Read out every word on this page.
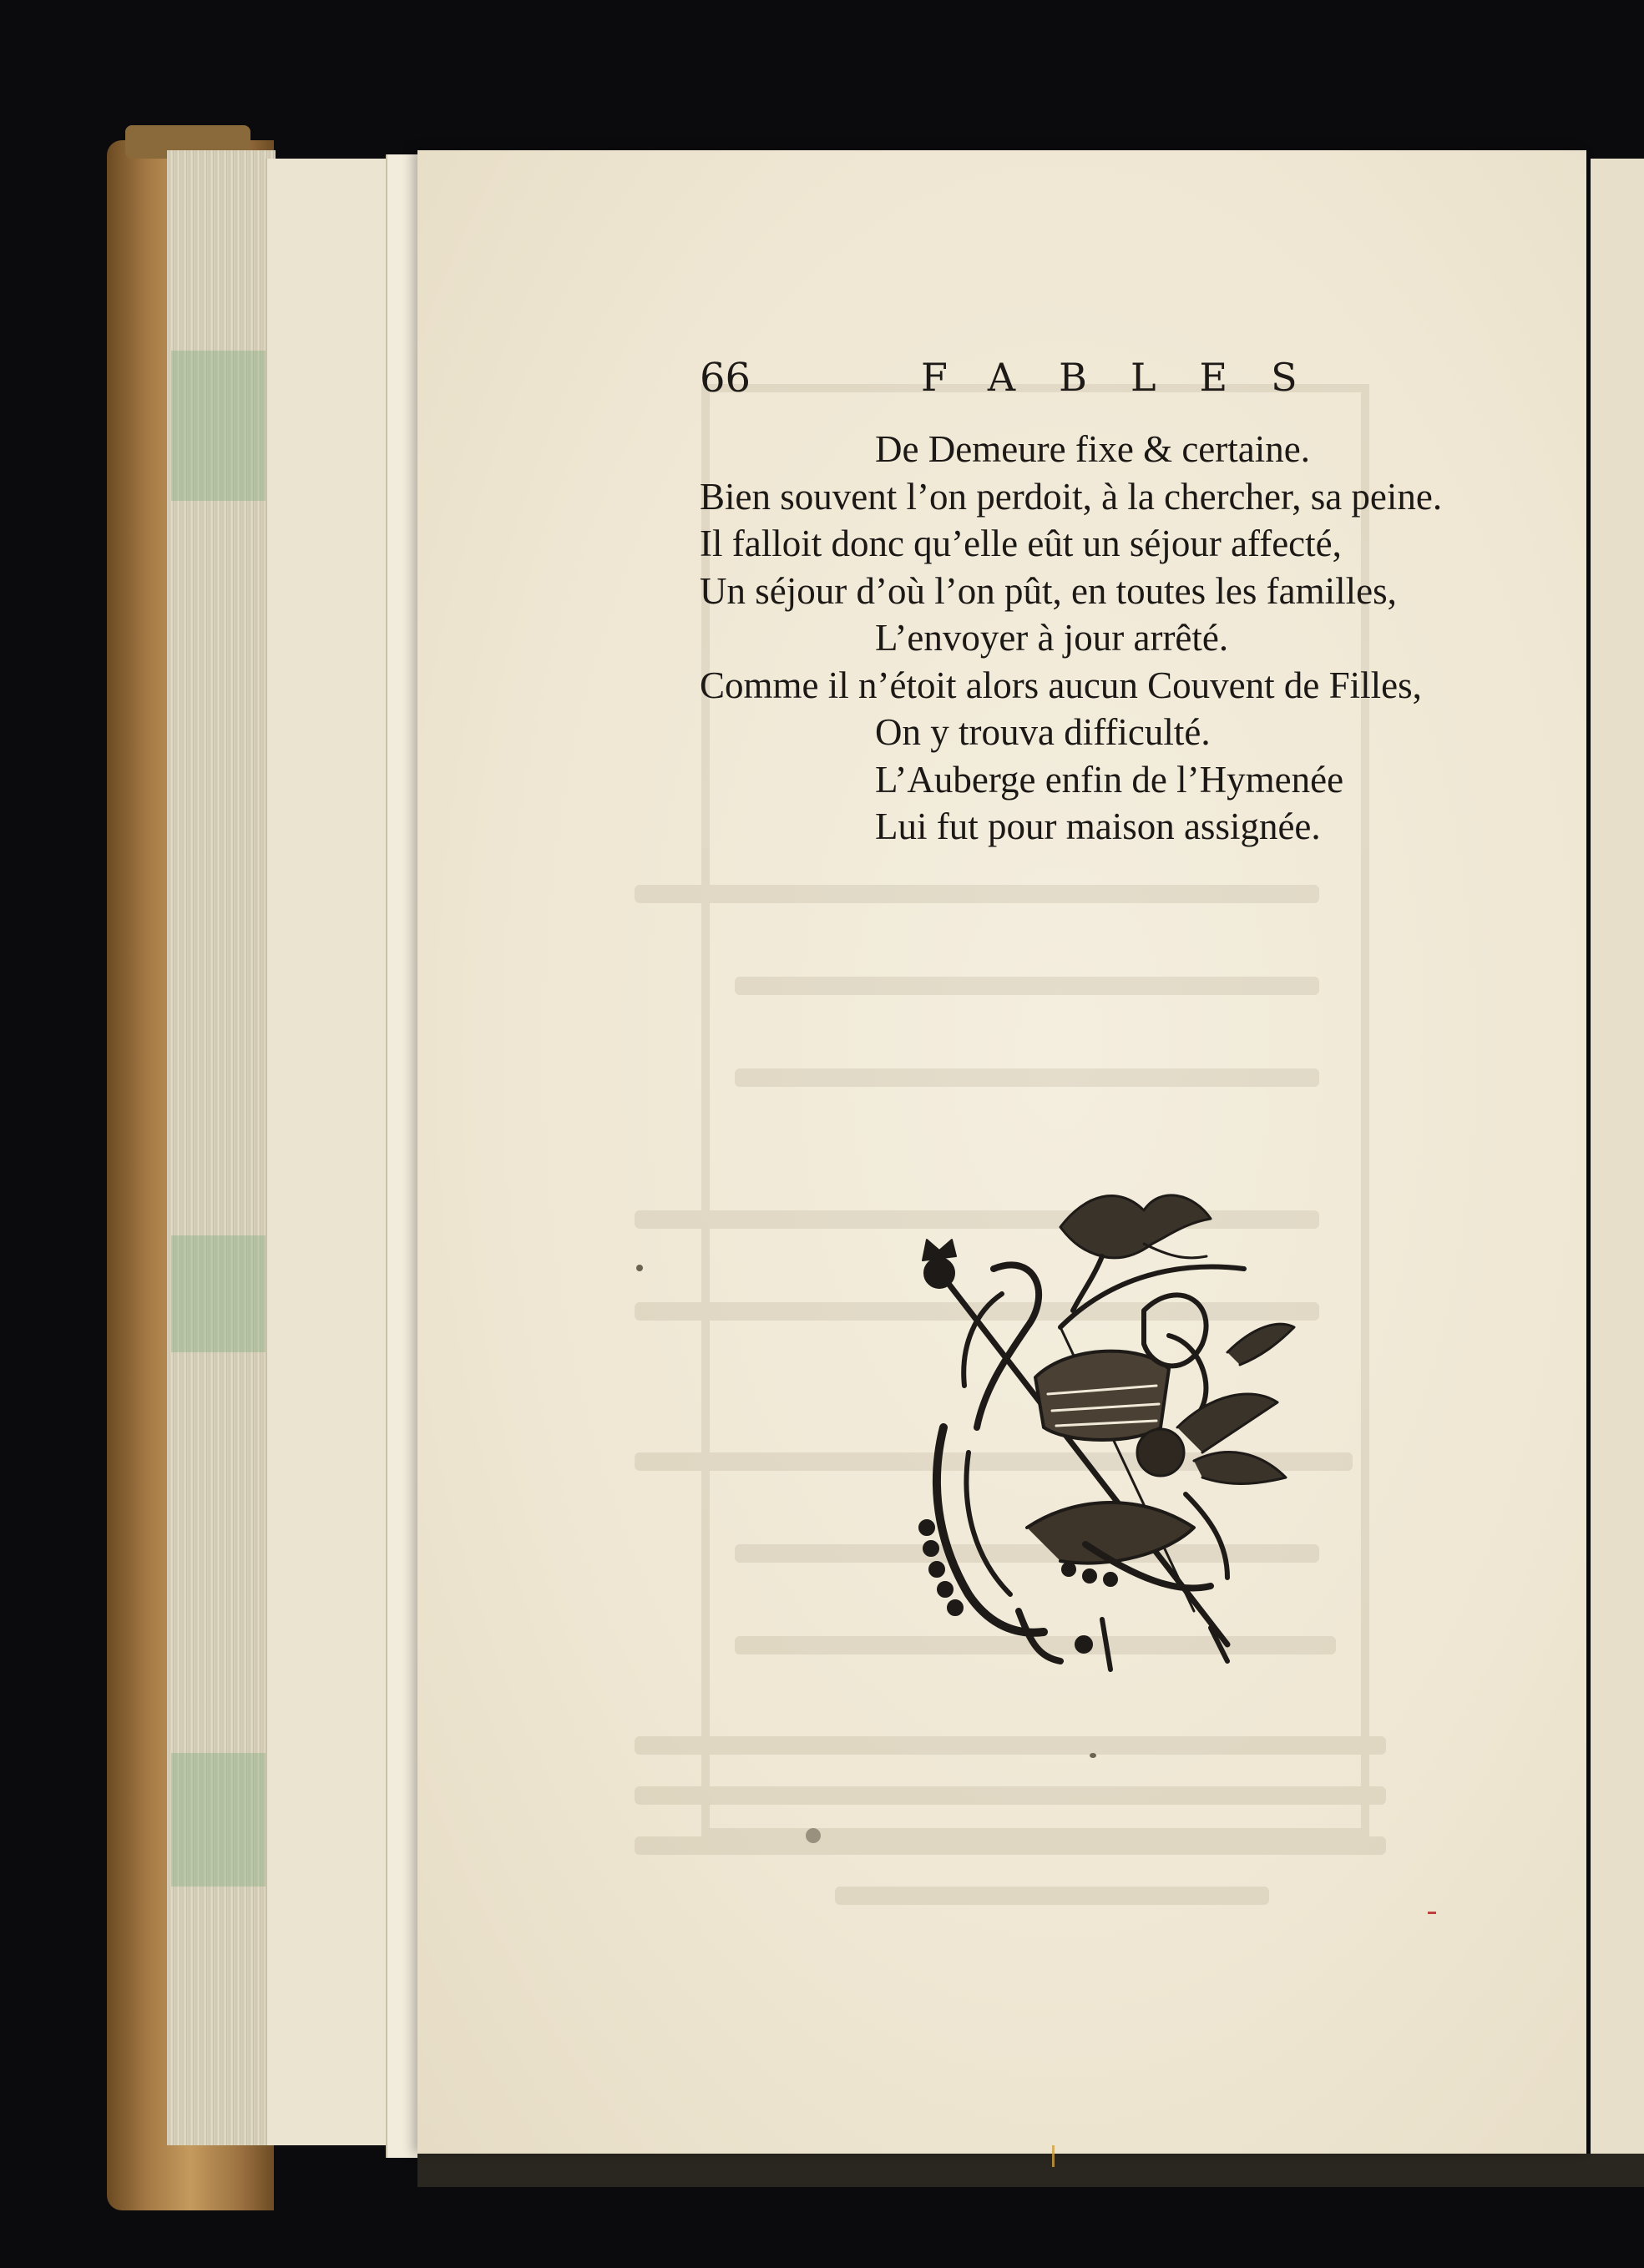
66	FABLES
De Demeure fixe & certaine.
Bien souvent l’on perdoit, à la chercher, sa peine.
Il falloit donc qu’elle eût un séjour affecté,
Un séjour d’où l’on pût, en toutes les familles,
L’envoyer à jour arrêté.
Comme il n’étoit alors aucun Couvent de Filles,
On y trouva difficulté.
L’Auberge enfin de l’Hymenée
Lui fut pour maison assignée.
